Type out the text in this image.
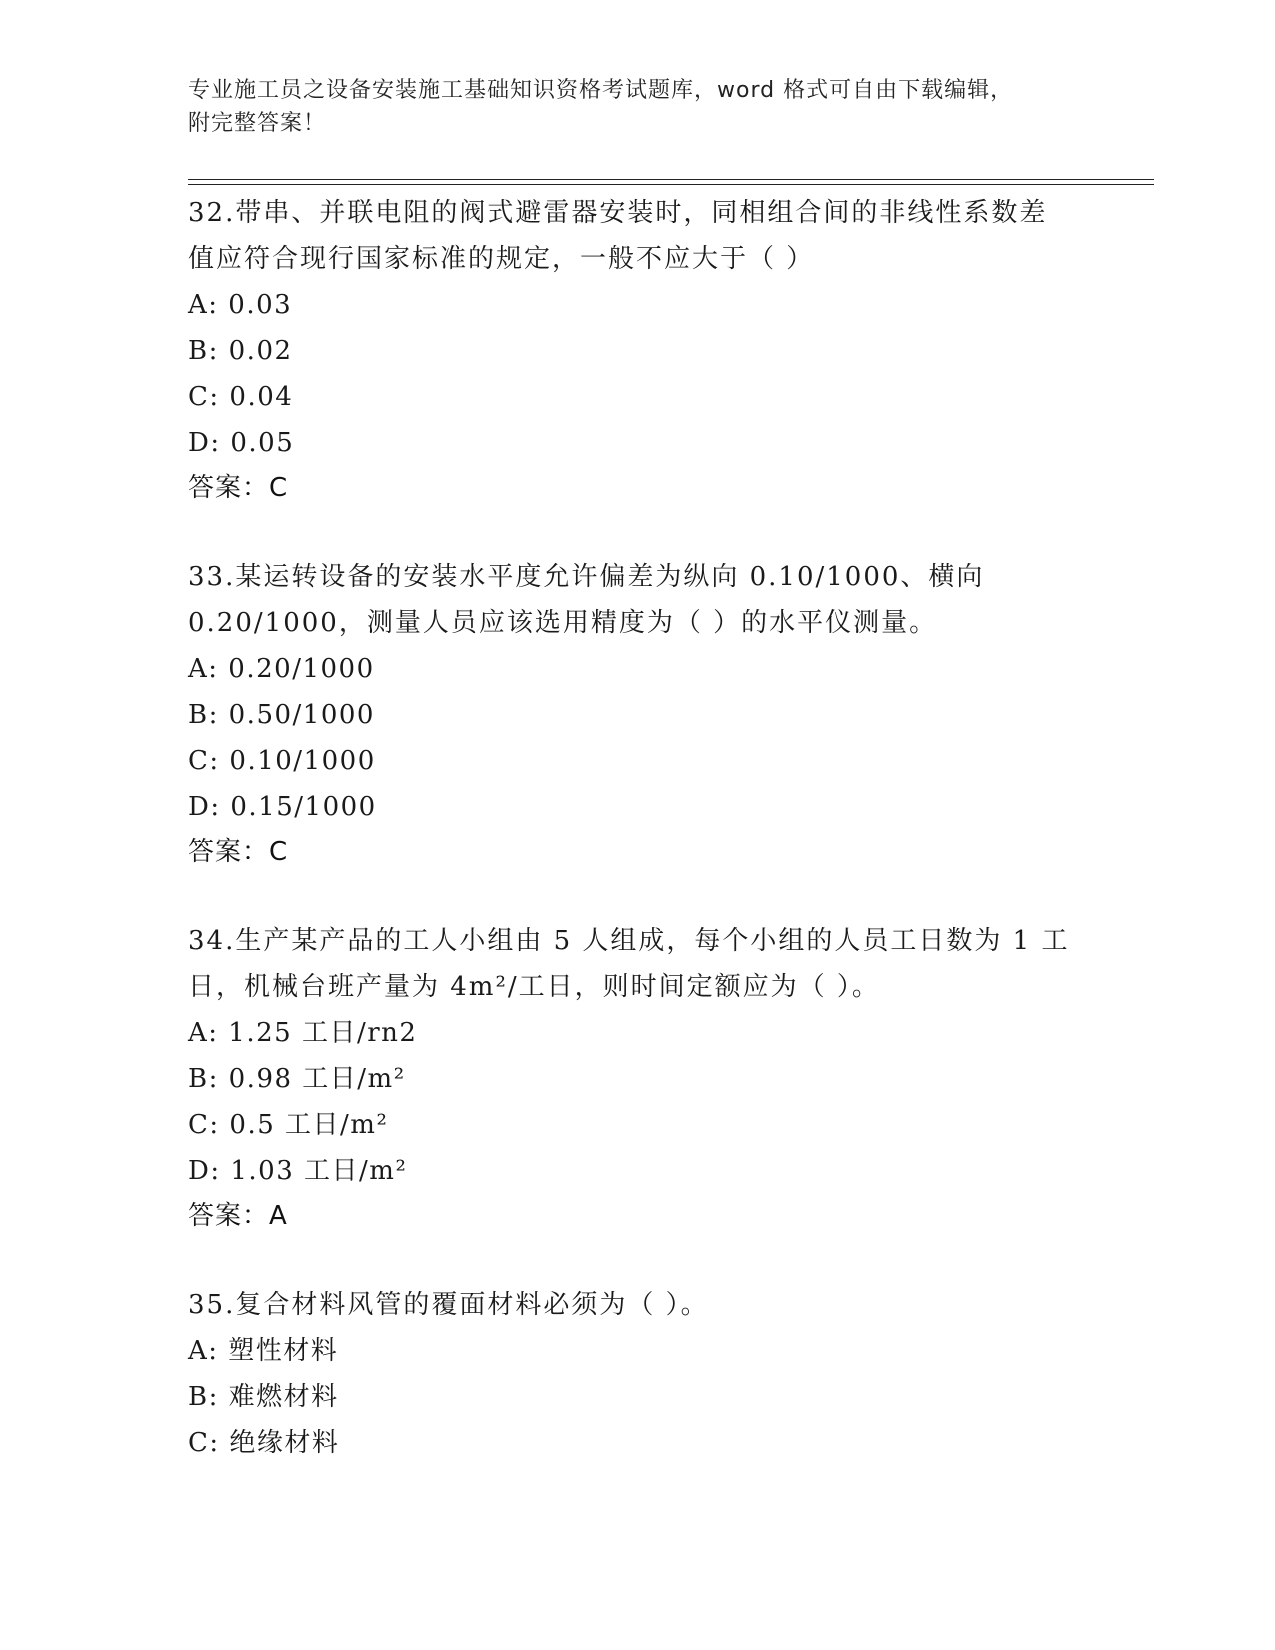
专业施工员之设备安装施工基础知识资格考试题库，word 格式可自由下载编辑，
附完整答案！
32.带串、并联电阻的阀式避雷器安装时，同相组合间的非线性系数差
值应符合现行国家标准的规定，一般不应大于（ ）
A: 0.03
B: 0.02
C: 0.04
D: 0.05
答案：C
33.某运转设备的安装水平度允许偏差为纵向 0.10/1000、横向
0.20/1000，测量人员应该选用精度为（ ）的水平仪测量。
A: 0.20/1000
B: 0.50/1000
C: 0.10/1000
D: 0.15/1000
答案：C
34.生产某产品的工人小组由 5 人组成，每个小组的人员工日数为 1 工
日，机械台班产量为 4m²/工日，则时间定额应为（ ）。
A: 1.25 工日/rn2
B: 0.98 工日/m²
C: 0.5 工日/m²
D: 1.03 工日/m²
答案：A
35.复合材料风管的覆面材料必须为（ ）。
A: 塑性材料
B: 难燃材料
C: 绝缘材料
